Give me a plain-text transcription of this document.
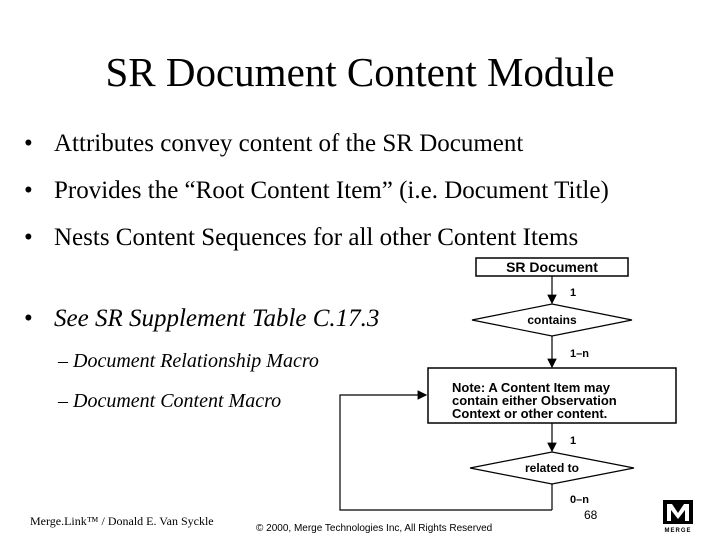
SR Document Content Module
• Attributes convey content of the SR Document
• Provides the “Root Content Item” (i.e. Document Title)
• Nests Content Sequences for all other Content Items
• See SR Supplement Table C.17.3
– Document Relationship Macro
– Document Content Macro
SR Document
1
contains
1–n
Note: A Content Item may
contain either Observation
Context or other content.
1
related to
0–n
Merge.Link™ / Donald E. Van Syckle
© 2000, Merge Technologies Inc, All Rights Reserved
68
MERGE
